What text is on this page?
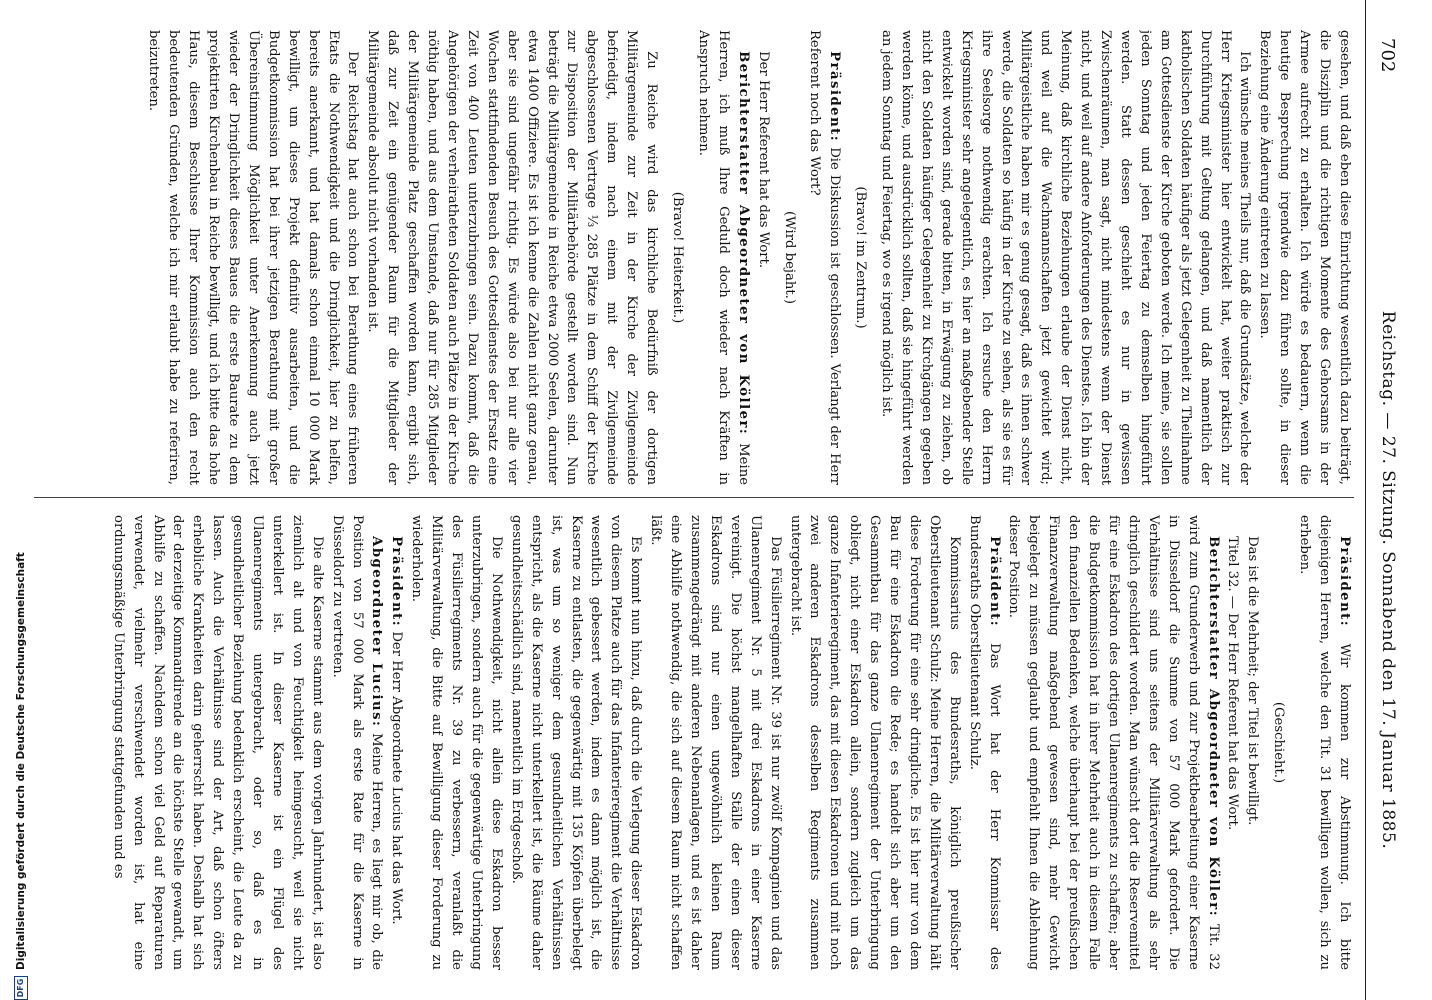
702
Reichstag. — 27. Sitzung. Sonnabend den 17. Januar 1885.

gesehen, und daß eben diese Einrichtung wesentlich dazu beiträgt, die Disziplin und die richtigen Momente des Gehorsams in der Armee aufrecht zu erhalten. Ich würde es bedauern, wenn die heutige Besprechung irgendwie dazu führen sollte, in dieser Beziehung eine Änderung eintreten zu lassen.

Ich wünsche meines Theils nur, daß die Grundsätze, welche der Herr Kriegsminister hier entwickelt hat, weiter praktisch zur Durchführung mit Geltung gelangen, und daß namentlich der katholischen Soldaten häufiger als jetzt Gelegenheit zu Theilnahme am Gottesdienste der Kirche geboten werde. Ich meine, sie sollen jeden Sonntag und jeden Feiertag zu demselben hingeführt werden. Statt dessen geschieht es nur in gewissen Zwischenräumen, man sagt, nicht mindestens wenn der Dienst nicht, und weil auf andere Anforderungen des Dienstes. Ich bin der Meinung, daß kirchliche Beziehungen erlaube der Dienst nicht, und weil auf die Wachmannschaften jetzt gewichtet wird; Militärgeistliche haben mir es genug gesagt, daß es ihnen schwer werde, die Soldaten so häufig in der Kirche zu sehen, als sie es für ihre Seelsorge nothwendig erachten. Ich ersuche den Herrn Kriegsminister sehr angelegentlich, es hier an maßgebender Stelle entwickelt worden sind, gerade bitten, in Erwägung zu ziehen, ob nicht den Soldaten häufiger Gelegenheit zu Kirchgängen gegeben werden könne, und ausdrücklich sollten, daß sie hingeführt werden an jedem Sonntag und Feiertag, wo es irgend möglich ist.

(Bravo! im Zentrum.)

Präsident: Die Diskussion ist geschlossen. Verlangt der Herr Referent noch das Wort?

(Wird bejaht.)

Der Herr Referent hat das Wort.

Berichterstatter Abgeordneter von Köller: Meine Herren, ich muß Ihre Geduld doch wieder nach Kräften in Anspruch nehmen.

(Bravo! Heiterkeit.)

Zu Reiche wird das kirchliche Bedürfniß der dortigen Militärgemeinde zur Zeit in der Kirche der Zivilgemeinde befriedigt, indem nach einem mit der Zivilgemeinde abgeschlossenen Vertrage ¹⁄₃ 285 Plätze in dem Schiff der Kirche zur Disposition der Militärbehörde gestellt worden sind. Nun beträgt die Militärgemeinde in Reiche etwa 2000 Seelen, darunter etwa 1400 Offiziere. Es ist ich kenne die Zahlen nicht ganz genau, aber sie sind ungefähr richtig. Es würde also bei nur alle vier Wochen stattfindenden Besuch des Gottesdienstes der Ersatz eine Zeit von 400 Leuten unterzubringen sein. Dazu kommt, daß die Angehörigen der verheiratheten Soldaten auch Plätze in der Kirche nöthig haben, und aus dem Umstande, daß nur für 285 Mitglieder der Militärgemeinde Platz geschaffen worden kann, ergibt sich, daß zur Zeit ein genügender Raum für die Mitglieder der Militärgemeinde absolut nicht vorhanden ist.

Der Reichstag hat auch schon bei Berathung eines früheren Etats die Nothwendigkeit und die Dringlichkeit, hier zu helfen, bereits anerkannt, und hat damals schon einmal 10 000 Mark bewilligt, um dieses Projekt definitiv ausarbeiten, und die Budgetkommission hat bei ihrer jetzigen Berathung mit großer Übereinstimmung Möglichkeit unter Anerkennung auch jetzt wieder der Dringlichkeit dieses Baues die erste Baurate zu dem projektirten Kirchenbau in Reiche bewilligt, und ich bitte das hohe Haus, diesem Beschlusse Ihrer Kommission auch den recht bedeutenden Gründen, welche ich mir erlaubt habe zu referiren, beizutreten.

Präsident: Wir kommen zur Abstimmung. Ich bitte diejenigen Herren, welche den Tit. 31 bewilligen wollen, sich zu erheben.

(Geschieht.)

Das ist die Mehrheit; der Titel ist bewilligt.

Titel 32. — Der Herr Referent hat das Wort.

Berichterstatter Abgeordneter von Köller: Tit. 32 wird zum Grunderwerb und zur Projektbearbeitung einer Kaserne in Düsseldorf die Summe von 57 000 Mark gefordert. Die Verhältnisse sind uns seitens der Militärverwaltung als sehr dringlich geschildert worden. Man wünscht dort die Reservemittel für eine Eskadron des dortigen Ulanenregiments zu schaffen; aber die Budgetkommission hat in ihrer Mehrheit auch in diesem Falle den finanziellen Bedenken, welche überhaupt bei der preußischen Finanzverwaltung maßgebend gewesen sind, mehr Gewicht beigelegt zu müssen geglaubt und empfiehlt Ihnen die Ablehnung dieser Position.

Präsident: Das Wort hat der Herr Kommissar des Bundesraths Oberstlieutenant Schulz.

Kommissarius des Bundesraths, königlich preußischer Oberstlieutenant Schulz: Meine Herren, die Militärverwaltung hält diese Forderung für eine sehr dringliche. Es ist hier nur von dem Bau für eine Eskadron die Rede; es handelt sich aber um den Gesammtbau für das ganze Ulanenregiment der Unterbringung obliegt, nicht einer Eskadron allein, sondern zugleich um das ganze Infanterieregiment, das mit diesen Eskadronen und mit noch zwei anderen Eskadrons desselben Regiments zusammen untergebracht ist.

Das Füsilierregiment Nr. 39 ist nur zwölf Kompagnien und das Ulanenregiment Nr. 5 mit drei Eskadrons in einer Kaserne vereinigt. Die höchst mangelhaften Ställe der einen dieser Eskadrons sind nur einen ungewöhnlich kleinen Raum zusammengedrängt mit anderen Nebenanlagen, und es ist daher eine Abhilfe nothwendig, die sich auf diesem Raum nicht schaffen läßt.

Es kommt nun hinzu, daß durch die Verlegung dieser Eskadron von diesem Platze auch für das Infanterieregiment die Verhältnisse wesentlich gebessert werden, indem es dann möglich ist, die Kaserne zu entlasten, die gegenwärtig mit 135 Köpfen überbelegt ist, was um so weniger dem gesundheitlichen Verhältnissen entspricht, als die Kaserne nicht unterkellert ist, die Räume daher gesundheitsschädlich sind, namentlich im Erdgeschoß.

Die Nothwendigkeit, nicht allein diese Eskadron besser unterzubringen, sondern auch für die gegenwärtige Unterbringung des Füsilierregiments Nr. 39 zu verbessern, veranlaßt die Militärverwaltung, die Bitte auf Bewilligung dieser Forderung zu wiederholen.

Präsident: Der Herr Abgeordnete Lucius hat das Wort.

Abgeordneter Lucius: Meine Herren, es liegt mir ob, die Position von 57 000 Mark als erste Rate für die Kaserne in Düsseldorf zu vertreten.

Die alte Kaserne stammt aus dem vorigen Jahrhundert, ist also ziemlich alt und von Feuchtigkeit heimgesucht, weil sie nicht unterkellert ist. In dieser Kaserne ist ein Flügel des Ulanenregiments untergebracht, oder so, daß es in gesundheitlicher Beziehung bedenklich erscheint, die Leute da zu lassen. Auch die Verhältnisse sind der Art, daß schon öfters erhebliche Krankheiten darin geherrscht haben. Deshalb hat sich der derzeitige Kommandirende an die höchste Stelle gewandt, um Abhilfe zu schaffen. Nachdem schon viel Geld auf Reparaturen verwendet, vielmehr verschwendet worden ist, hat eine ordnungsmäßige Unterbringung stattgefunden und es

DFG
Digitalisierung gefördert durch die Deutsche Forschungsgemeinschaft
